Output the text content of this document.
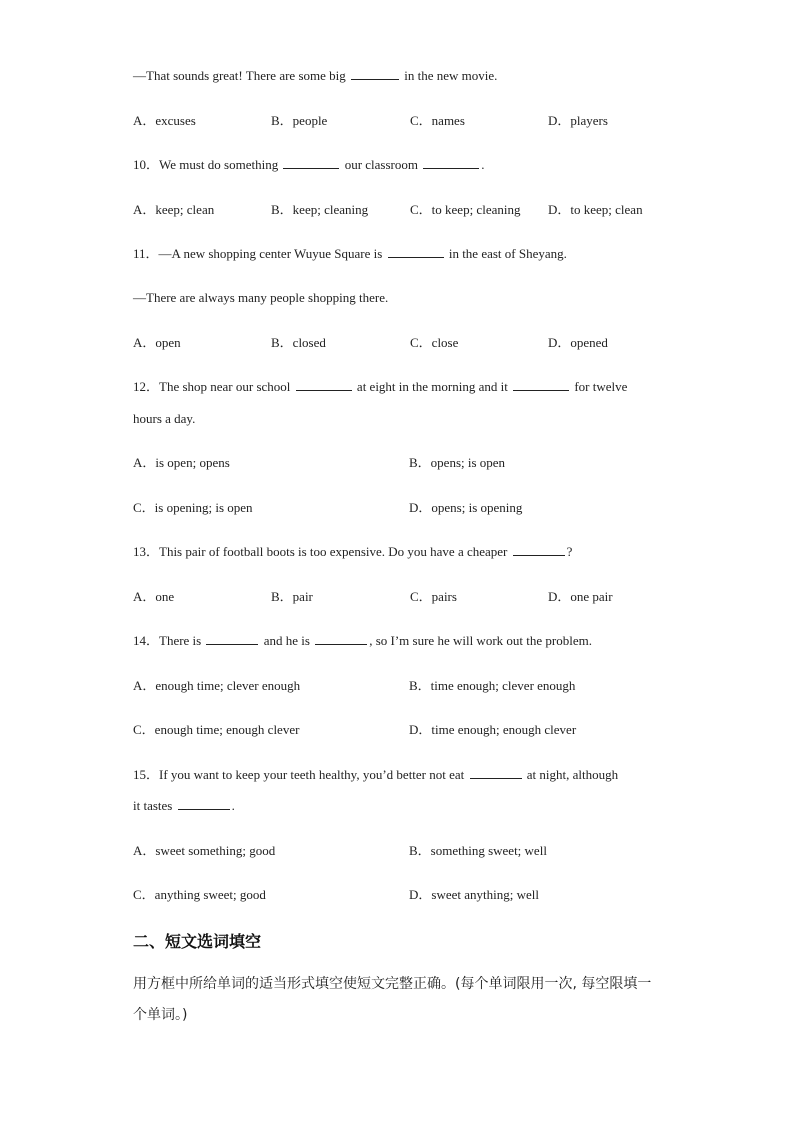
—That sounds great! There are some big	in the new movie.
A．excuses	B．people	C．names	D．players
10．We must do something	our classroom	.
A．keep; clean	B．keep; cleaning	C．to keep; cleaning D．to keep; clean
11．—A new shopping center Wuyue Square is	in the east of Sheyang.
—There are always many people shopping there.
A．open	B．closed	C．close	D．opened
12．The shop near our school	at eight in the morning and it	for twelve
hours a day.
A．is open; opens	B．opens; is open
C．is opening; is open	D．opens; is opening
13．This pair of football boots is too expensive. Do you have a cheaper	?
A．one	B．pair	C．pairs	D．one pair
14．There is	and he is	, so I’m sure he will work out the problem.
A．enough time; clever enough	B．time enough; clever enough
C．enough time; enough clever	D．time enough; enough clever
15．If you want to keep your teeth healthy, you’d better not eat	at night, although
it tastes	.
A．sweet something; good	B．something sweet; well
C．anything sweet; good	D．sweet anything; well
二、短文选词填空
用方框中所给单词的适当形式填空使短文完整正确。(每个单词限用一次, 每空限填一
个单词。)
